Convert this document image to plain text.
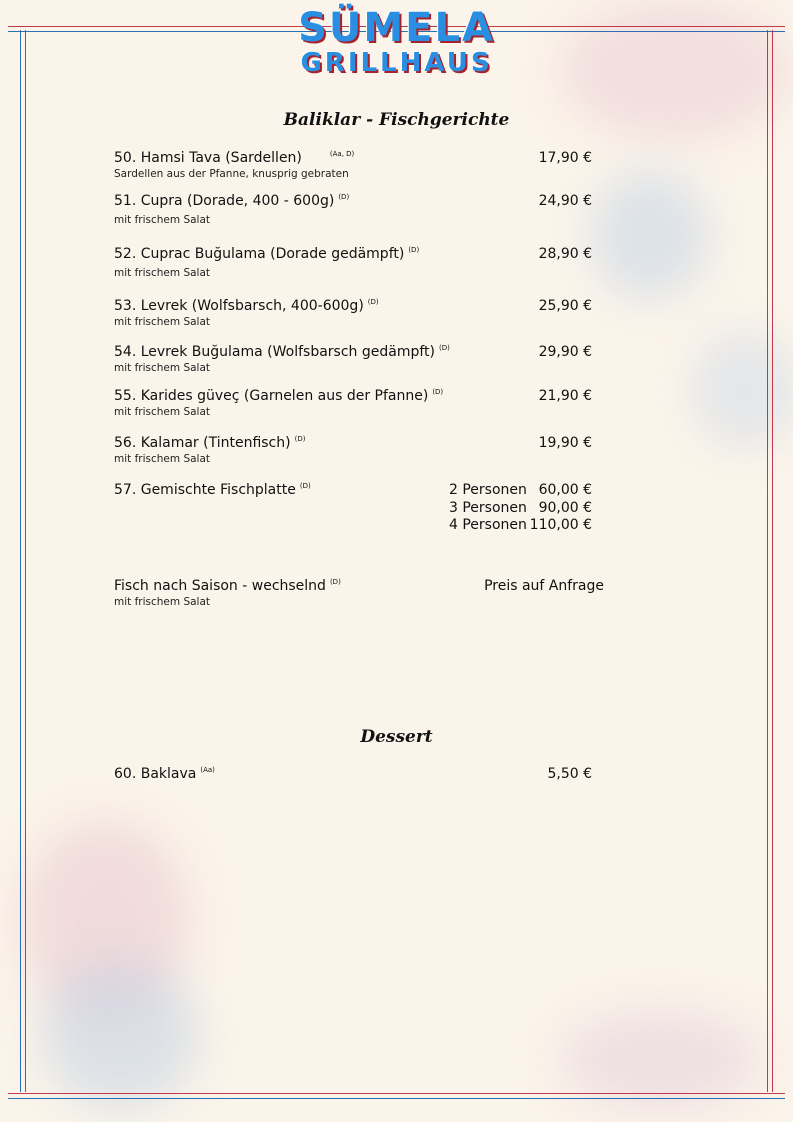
SÜMELA
GRILLHAUS
Baliklar - Fischgerichte
50. Hamsi Tava (Sardellen)	$^{(Aa, D)}$
Sardellen aus der Pfanne, knusprig gebraten
17,90 €
51. Cupra (Dorade, 400 - 600g) $^{(D)}$
mit frischem Salat
24,90 €
52. Cuprac Buğulama (Dorade gedämpft) $^{(D)}$
mit frischem Salat
28,90 €
53. Levrek (Wolfsbarsch, 400-600g) $^{(D)}$
mit frischem Salat
25,90 €
54. Levrek Buğulama (Wolfsbarsch gedämpft) $^{(D)}$
mit frischem Salat
29,90 €
55. Karides güveç (Garnelen aus der Pfanne) $^{(D)}$
mit frischem Salat
21,90 €
56. Kalamar (Tintenfisch) $^{(D)}$
mit frischem Salat
19,90 €
57. Gemischte Fischplatte $^{(D)}$	2 Personen 60,00 €
3 Personen 90,00 €
4 Personen 110,00 €
Fisch nach Saison - wechselnd $^{(D)}$
mit frischem Salat
Preis auf Anfrage
Dessert
60. Baklava $^{(Aa)}$	5,50 €
